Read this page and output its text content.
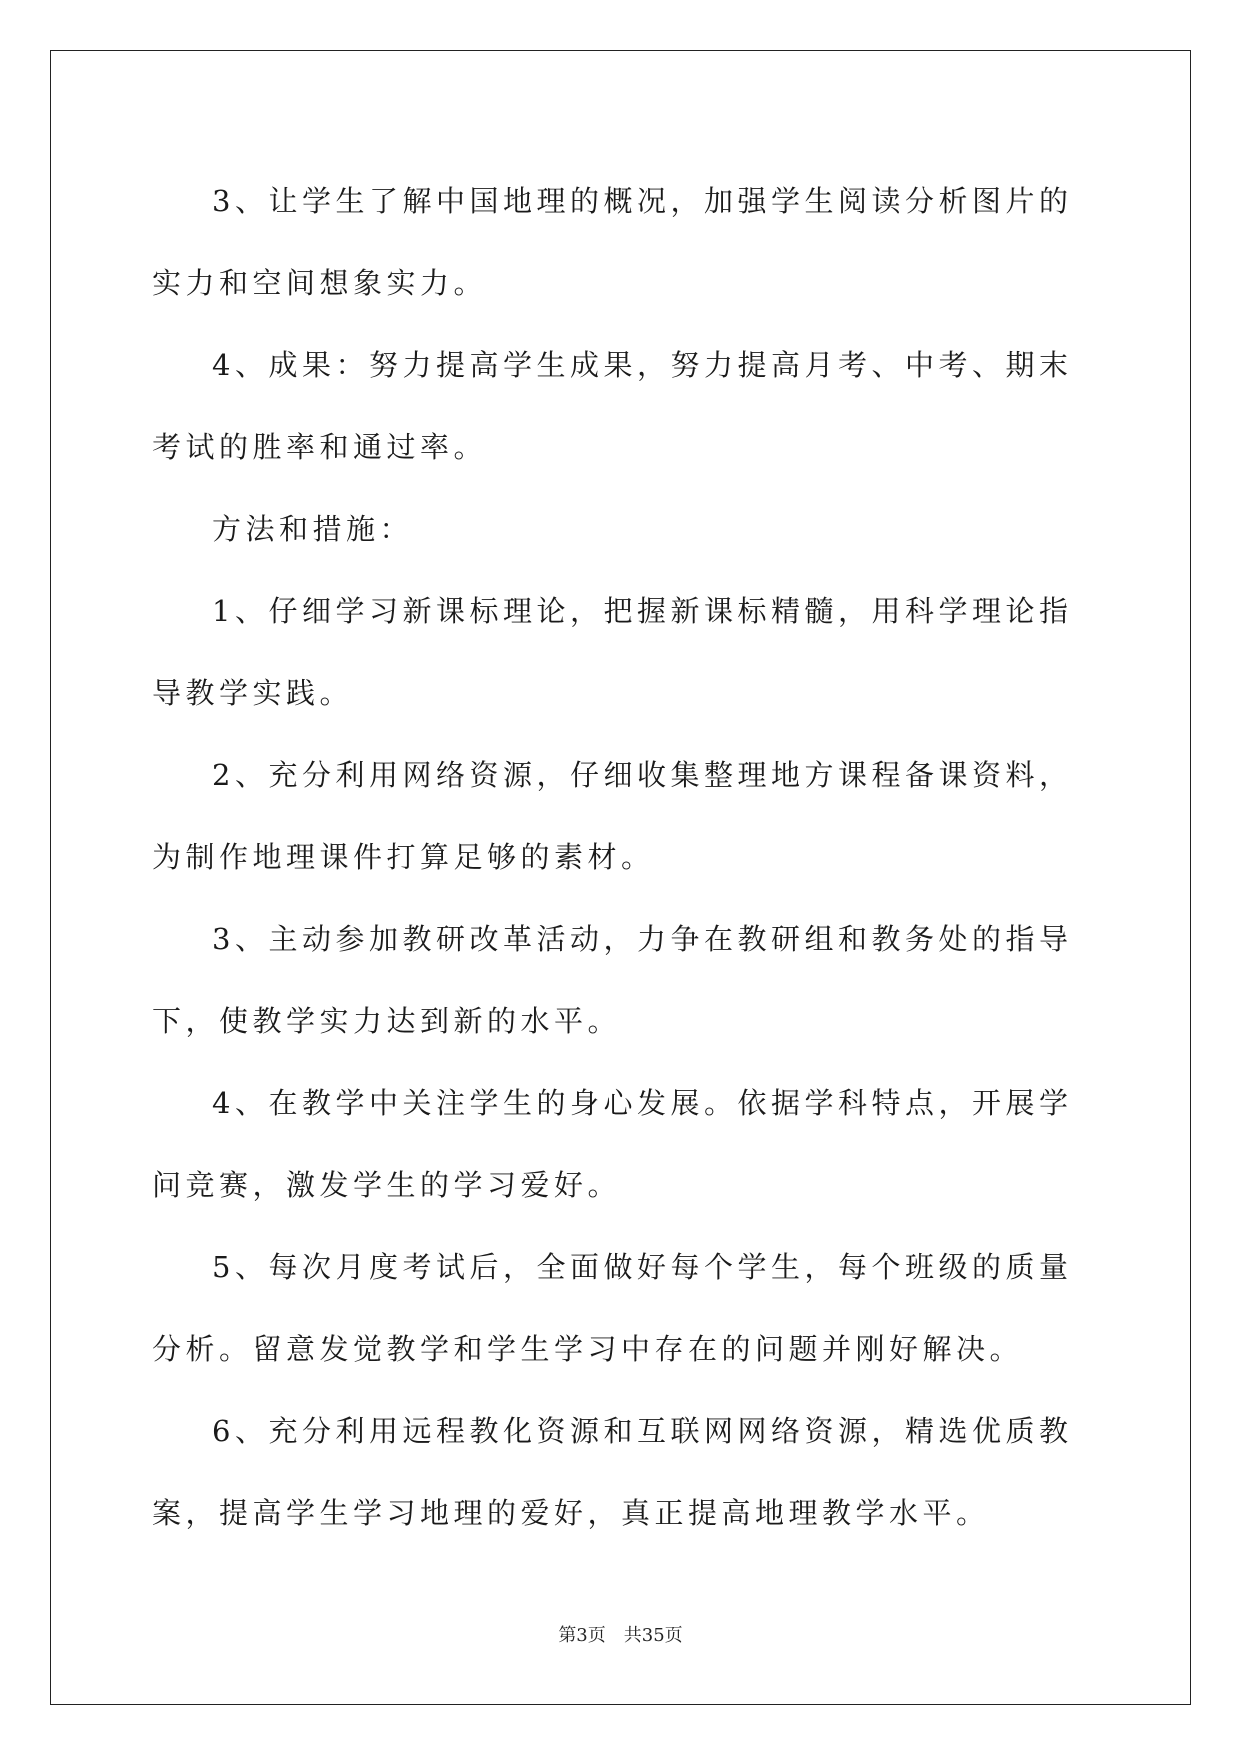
3、让学生了解中国地理的概况，加强学生阅读分析图片的实力和空间想象实力。

4、成果：努力提高学生成果，努力提高月考、中考、期末考试的胜率和通过率。

方法和措施：

1、仔细学习新课标理论，把握新课标精髓，用科学理论指导教学实践。

2、充分利用网络资源，仔细收集整理地方课程备课资料，为制作地理课件打算足够的素材。

3、主动参加教研改革活动，力争在教研组和教务处的指导下，使教学实力达到新的水平。

4、在教学中关注学生的身心发展。依据学科特点，开展学问竞赛，激发学生的学习爱好。

5、每次月度考试后，全面做好每个学生，每个班级的质量分析。留意发觉教学和学生学习中存在的问题并刚好解决。

6、充分利用远程教化资源和互联网网络资源，精选优质教案，提高学生学习地理的爱好，真正提高地理教学水平。

第3页 共35页
